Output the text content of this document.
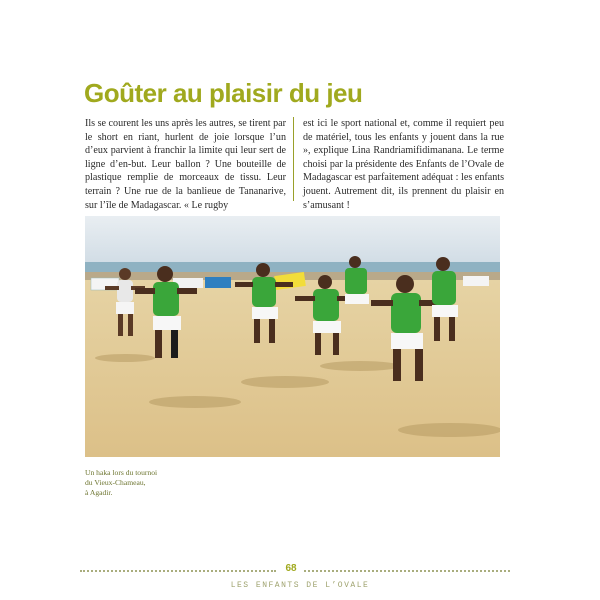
Goûter au plaisir du jeu

Ils se courent les uns après les autres, se tirent par le short en riant, hurlent de joie lorsque l’un d’eux parvient à franchir la limite qui leur sert de ligne d’en-but. Leur ballon ? Une bouteille de plastique remplie de morceaux de tissu. Leur terrain ? Une rue de la banlieue de Tananarive, sur l’île de Madagascar. « Le rugby

est ici le sport national et, comme il requiert peu de matériel, tous les enfants y jouent dans la rue », explique Lina Randriamifidimanana. Le terme choisi par la présidente des Enfants de l’Ovale de Madagascar est parfaitement adéquat : les enfants jouent. Autrement dit, ils prennent du plaisir en s’amusant !

Un haka lors du tournoi
du Vieux-Chameau,
à Agadir.
68
LES ENFANTS DE L’OVALE
